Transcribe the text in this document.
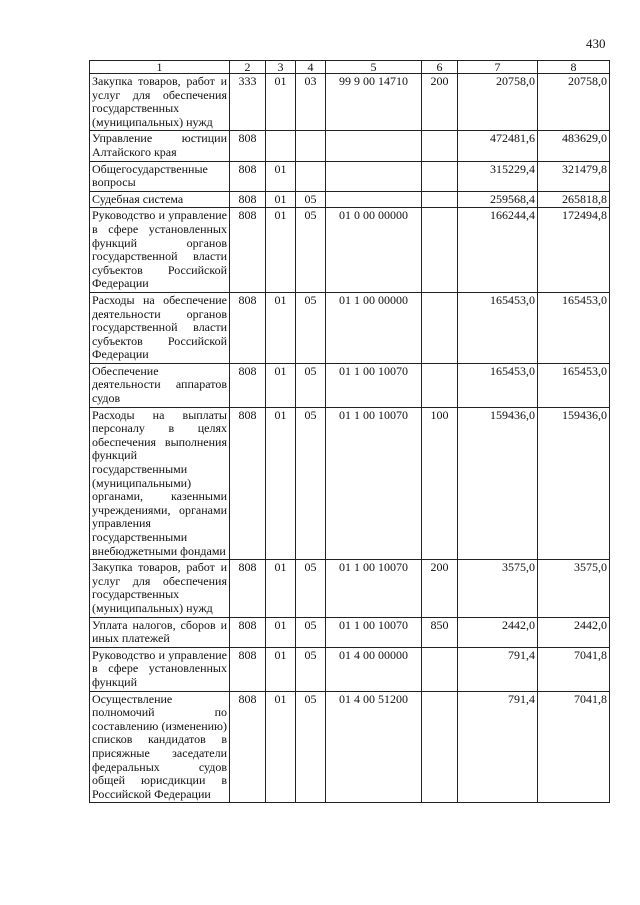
430
1	2	3	4	5	6	7	8
Закупка товаров, работ и услуг для обеспечения государственных (муниципальных) нужд	333	01	03	99 9 00 14710	200	20758,0	20758,0
Управление юстиции Алтайского края	808					472481,6	483629,0
Общегосударственные вопросы	808	01				315229,4	321479,8
Судебная система	808	01	05			259568,4	265818,8
Руководство и управление в сфере установленных функций органов государственной власти субъектов Российской Федерации	808	01	05	01 0 00 00000		166244,4	172494,8
Расходы на обеспечение деятельности органов государственной власти субъектов Российской Федерации	808	01	05	01 1 00 00000		165453,0	165453,0
Обеспечение деятельности аппаратов судов	808	01	05	01 1 00 10070		165453,0	165453,0
Расходы на выплаты персоналу в целях обеспечения выполнения функций государственными (муниципальными) органами, казенными учреждениями, органами управления государственными внебюджетными фондами	808	01	05	01 1 00 10070	100	159436,0	159436,0
Закупка товаров, работ и услуг для обеспечения государственных (муниципальных) нужд	808	01	05	01 1 00 10070	200	3575,0	3575,0
Уплата налогов, сборов и иных платежей	808	01	05	01 1 00 10070	850	2442,0	2442,0
Руководство и управление в сфере установленных функций	808	01	05	01 4 00 00000		791,4	7041,8
Осуществление полномочий по составлению (изменению) списков кандидатов в присяжные заседатели федеральных судов общей юрисдикции в Российской Федерации	808	01	05	01 4 00 51200		791,4	7041,8
